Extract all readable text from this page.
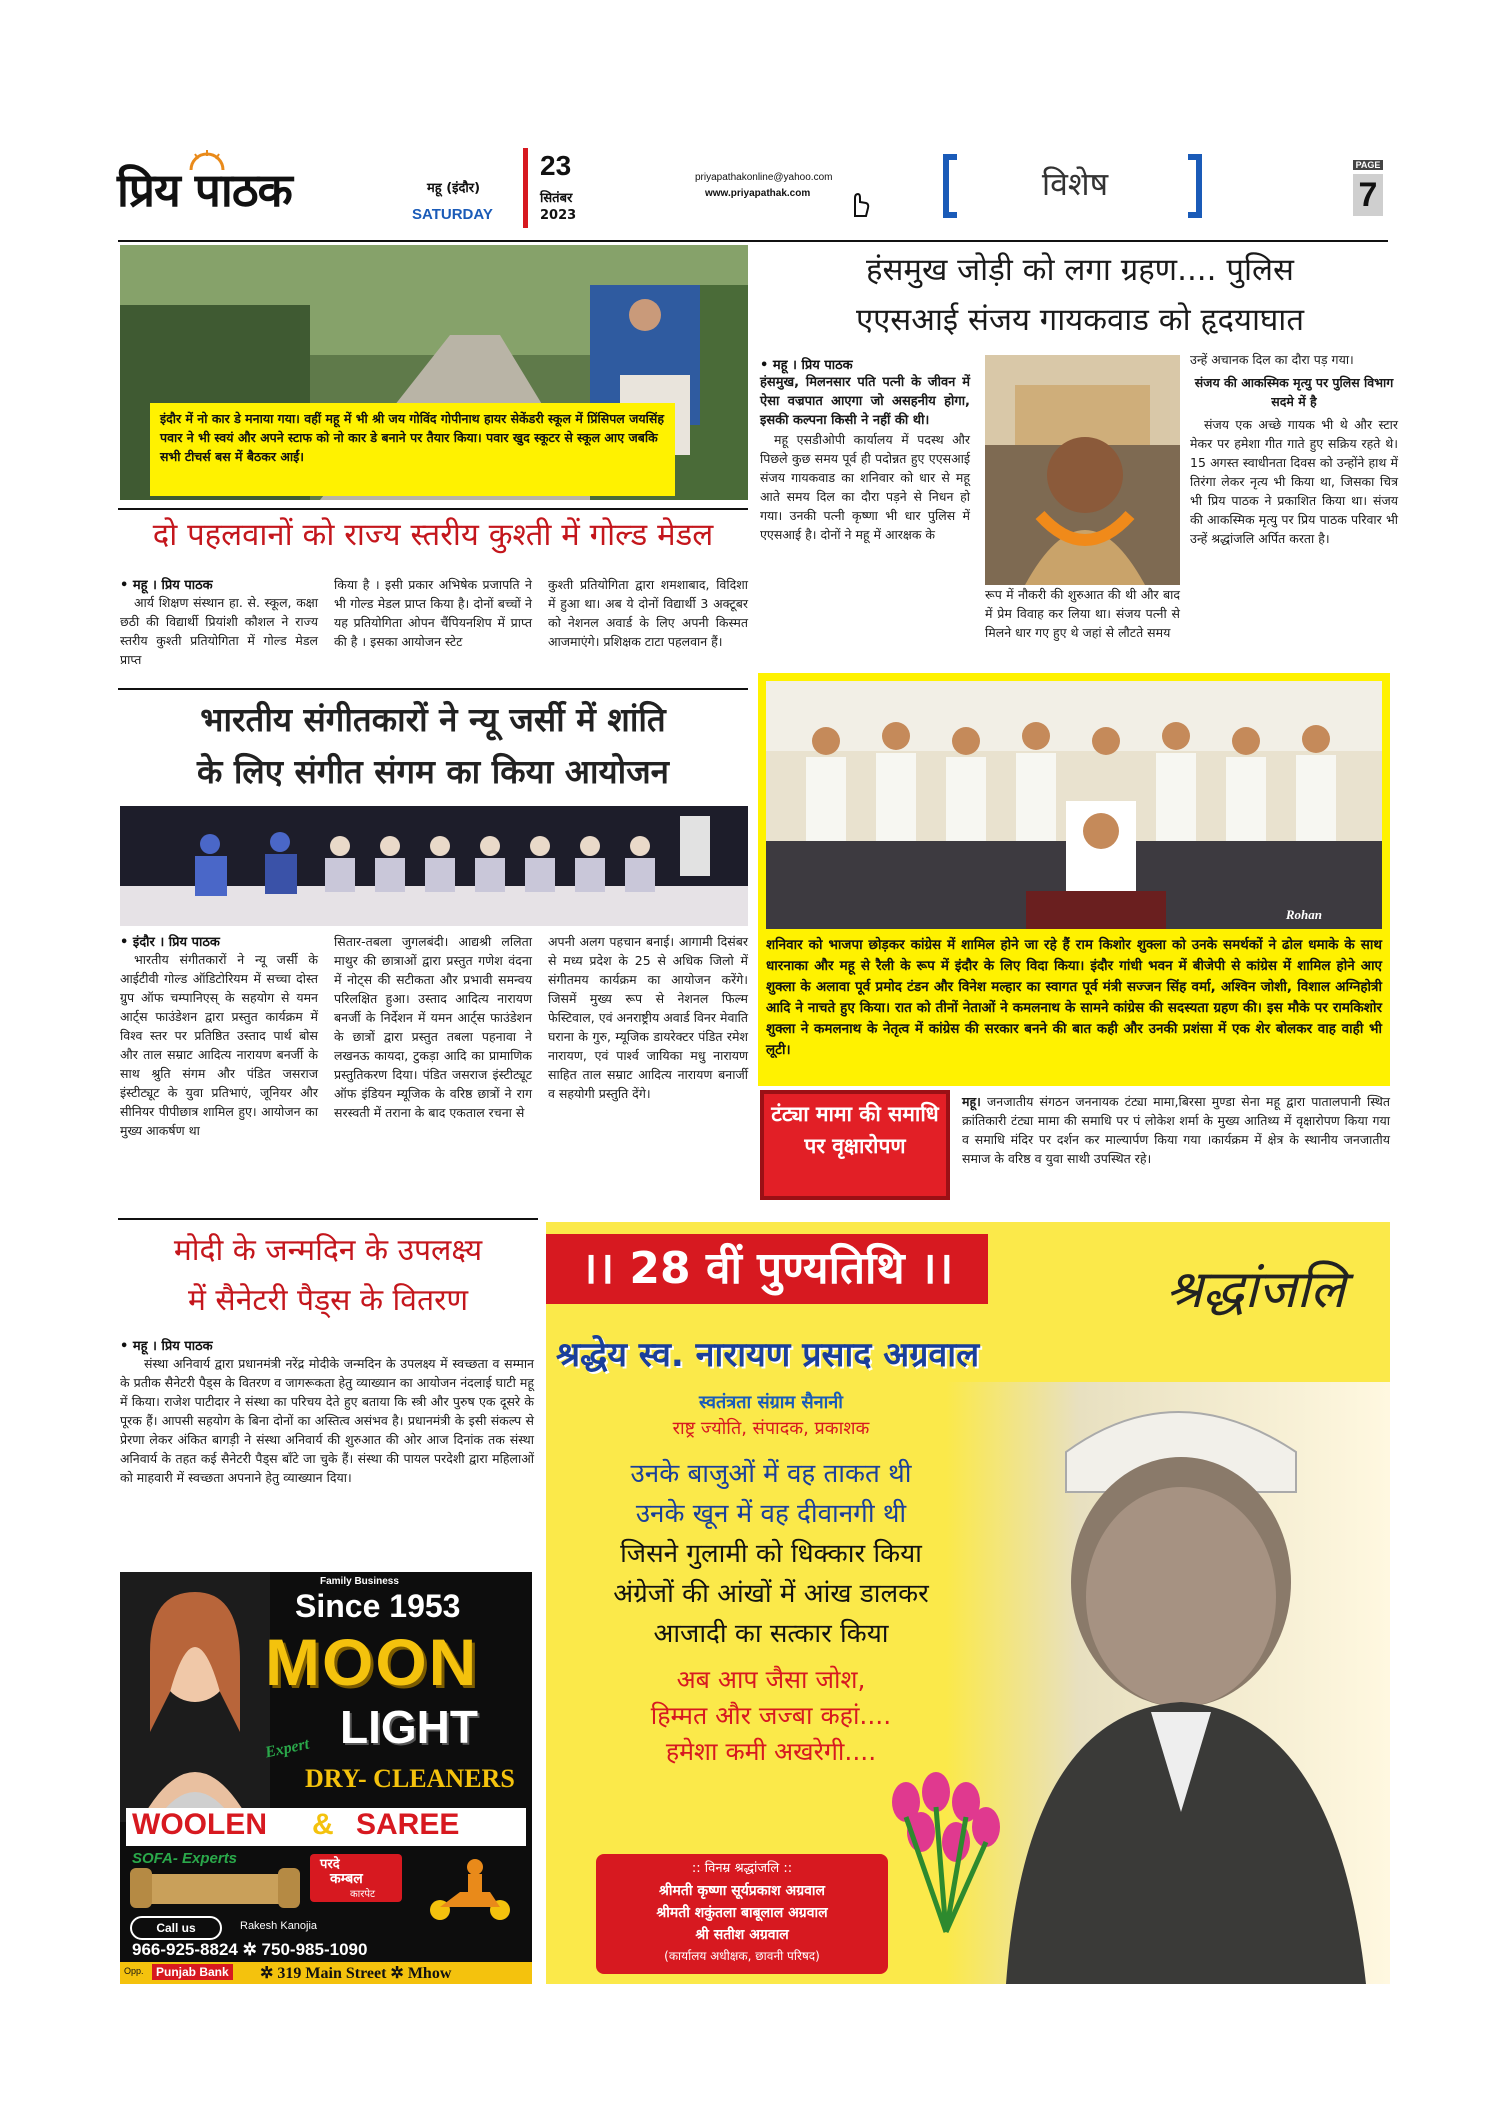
प्रिय पाठक	महू (इंदौर)
SATURDAY
23
सितंबर
2023
priyapathakonline@yahoo.com
www.priyapathak.com	विशेष	PAGE
7
इंदौर में नो कार डे मनाया गया। वहीं महू में भी श्री जय गोविंद गोपीनाथ हायर सेकेंडरी स्कूल में प्रिंसिपल जयसिंह पवार ने भी स्वयं और अपने स्टाफ को नो कार डे बनाने पर तैयार किया। पवार खुद स्कूटर से स्कूल आए जबकि सभी टीचर्स बस में बैठकर आईं।
हंसमुख जोड़ी को लगा ग्रहण.... पुलिस
एएसआई संजय गायकवाड को हृदयाघात
• महू । प्रिय पाठक
हंसमुख, मिलनसार पति पत्नी के जीवन में ऐसा वज्रपात आएगा जो असहनीय होगा, इसकी कल्पना किसी ने नहीं की थी।
महू एसडीओपी कार्यालय में पदस्थ और पिछले कुछ समय पूर्व ही पदोन्नत हुए एएसआई संजय गायकवाड का शनिवार को धार से महू आते समय दिल का दौरा पड़ने से निधन हो गया। उनकी पत्नी कृष्णा भी धार पुलिस में एएसआई है। दोनों ने महू में आरक्षक के
रूप में नौकरी की शुरुआत की थी और बाद में प्रेम विवाह कर लिया था। संजय पत्नी से मिलने धार गए हुए थे जहां से लौटते समय
उन्हें अचानक दिल का दौरा पड़ गया।
संजय की आकस्मिक मृत्यु पर पुलिस विभाग सदमे में है
संजय एक अच्छे गायक भी थे और स्टार मेकर पर हमेशा गीत गाते हुए सक्रिय रहते थे। 15 अगस्त स्वाधीनता दिवस को उन्होंने हाथ में तिरंगा लेकर नृत्य भी किया था, जिसका चित्र भी प्रिय पाठक ने प्रकाशित किया था। संजय की आकस्मिक मृत्यु पर प्रिय पाठक परिवार भी उन्हें श्रद्धांजलि अर्पित करता है।
दो पहलवानों को राज्य स्तरीय कुश्ती में गोल्ड मेडल
• महू । प्रिय पाठक
आर्य शिक्षण संस्थान हा. से. स्कूल, कक्षा छठी की विद्यार्थी प्रियांशी कौशल ने राज्य स्तरीय कुश्ती प्रतियोगिता में गोल्ड मेडल प्राप्त
किया है । इसी प्रकार अभिषेक प्रजापति ने भी गोल्ड मेडल प्राप्त किया है। दोनों बच्चों ने यह प्रतियोगिता ओपन चैंपियनशिप में प्राप्त की है । इसका आयोजन स्टेट
कुश्ती प्रतियोगिता द्वारा शमशाबाद, विदिशा में हुआ था। अब ये दोनों विद्यार्थी 3 अक्टूबर को नेशनल अवार्ड के लिए अपनी किस्मत आजमाएंगे। प्रशिक्षक टाटा पहलवान हैं।
भारतीय संगीतकारों ने न्यू जर्सी में शांति
के लिए संगीत संगम का किया आयोजन
• इंदौर । प्रिय पाठक
भारतीय संगीतकारों ने न्यू जर्सी के आईटीवी गोल्ड ऑडिटोरियम में सच्चा दोस्त ग्रुप ऑफ चम्पानिएस् के सहयोग से यमन आर्ट्स फाउंडेशन द्वारा प्रस्तुत कार्यक्रम में विश्व स्तर पर प्रतिष्ठित उस्ताद पार्थ बोस और ताल सम्राट आदित्य नारायण बनर्जी के साथ श्रुति संगम और पंडित जसराज इंस्टीट्यूट के युवा प्रतिभाएं, जूनियर और सीनियर पीपीछात्र शामिल हुए। आयोजन का मुख्य आकर्षण था
सितार-तबला जुगलबंदी। आद्यश्री ललिता माथुर की छात्राओं द्वारा प्रस्तुत गणेश वंदना में नोट्स की सटीकता और प्रभावी समन्वय परिलक्षित हुआ। उस्ताद आदित्य नारायण बनर्जी के निर्देशन में यमन आर्ट्स फाउंडेशन के छात्रों द्वारा प्रस्तुत तबला पहनावा ने लखनऊ कायदा, टुकड़ा आदि का प्रामाणिक प्रस्तुतिकरण दिया। पंडित जसराज इंस्टीट्यूट ऑफ इंडियन म्यूजिक के वरिष्ठ छात्रों ने राग सरस्वती में तराना के बाद एकताल रचना से
अपनी अलग पहचान बनाई। आगामी दिसंबर से मध्य प्रदेश के 25 से अधिक जिलो में संगीतमय कार्यक्रम का आयोजन करेंगे। जिसमें मुख्य रूप से नेशनल फिल्म फेस्टिवाल, एवं अनराष्ट्रीय अवार्ड विनर मेवाति घराना के गुरु, म्यूजिक डायरेक्टर पंडित रमेश नारायण, एवं पार्श्व जायिका मधु नारायण साहित ताल सम्राट आदित्य नारायण बनार्जी व सहयोगी प्रस्तुति देंगे।
Rohan
शनिवार को भाजपा छोड़कर कांग्रेस में शामिल होने जा रहे हैं राम किशोर शुक्ला को उनके समर्थकों ने ढोल धमाके के साथ धारनाका और महू से रैली के रूप में इंदौर के लिए विदा किया। इंदौर गांधी भवन में बीजेपी से कांग्रेस में शामिल होने आए शुक्ला के अलावा पूर्व प्रमोद टंडन और विनेश मल्हार का स्वागत पूर्व मंत्री सज्जन सिंह वर्मा, अश्विन जोशी, विशाल अग्निहोत्री आदि ने नाचते हुए किया। रात को तीनों नेताओं ने कमलनाथ के सामने कांग्रेस की सदस्यता ग्रहण की। इस मौके पर रामकिशोर शुक्ला ने कमलनाथ के नेतृत्व में कांग्रेस की सरकार बनने की बात कही और उनकी प्रशंसा में एक शेर बोलकर वाह वाही भी लूटी।
टंट्या मामा की समाधि पर वृक्षारोपण
महू। जनजातीय संगठन जननायक टंट्या मामा,बिरसा मुण्डा सेना महू द्वारा पातालपानी स्थित क्रांतिकारी टंट्या मामा की समाधि पर पं लोकेश शर्मा के मुख्य आतिथ्य में वृक्षारोपण किया गया व समाधि मंदिर पर दर्शन कर माल्यार्पण किया गया ।कार्यक्रम में क्षेत्र के स्थानीय जनजातीय समाज के वरिष्ठ व युवा साथी उपस्थित रहे।
मोदी के जन्मदिन के उपलक्ष्य
में सैनेटरी पैड्स के वितरण
• महू । प्रिय पाठक
संस्था अनिवार्य द्वारा प्रधानमंत्री नरेंद्र मोदीके जन्मदिन के उपलक्ष्य में स्वच्छता व सम्मान के प्रतीक सैनेटरी पैड्स के वितरण व जागरूकता हेतु व्याख्यान का आयोजन नंदलाई घाटी महू में किया। राजेश पाटीदार ने संस्था का परिचय देते हुए बताया कि स्त्री और पुरुष एक दूसरे के पूरक हैं। आपसी सहयोग के बिना दोनों का अस्तित्व असंभव है। प्रधानमंत्री के इसी संकल्प से प्रेरणा लेकर अंकित बागड़ी ने संस्था अनिवार्य की शुरुआत की ओर आज दिनांक तक संस्था अनिवार्य के तहत कई सैनेटरी पैड्स बाँटे जा चुके हैं। संस्था की पायल परदेशी द्वारा महिलाओं को माहवारी में स्वच्छता अपनाने हेतु व्याख्यान दिया।
Family Business
Since 1953
MOON
LIGHT
Expert
DRY- CLEANERS
WOOLEN & SAREE
SOFA- Experts	परदे
कम्बल
कारपेट
Call us	Rakesh Kanojia
966-925-8824 ✲ 750-985-1090
Opp.	Punjab Bank ✲ 319 Main Street ✲ Mhow
।। 28 वीं पुण्यतिथि ।।	श्रद्धांजलि
श्रद्धेय स्व. नारायण प्रसाद अग्रवाल
स्वतंत्रता संग्राम सैनानी
राष्ट्र ज्योति, संपादक, प्रकाशक
उनके बाजुओं में वह ताकत थी
उनके खून में वह दीवानगी थी
जिसने गुलामी को धिक्कार किया
अंग्रेजों की आंखों में आंख डालकर
आजादी का सत्कार किया
अब आप जैसा जोश,
हिम्मत और जज्बा कहां....
हमेशा कमी अखरेगी....
:: विनम्र श्रद्धांजलि ::
श्रीमती कृष्णा सूर्यप्रकाश अग्रवाल
श्रीमती शकुंतला बाबूलाल अग्रवाल
श्री सतीश अग्रवाल
(कार्यालय अधीक्षक, छावनी परिषद)
